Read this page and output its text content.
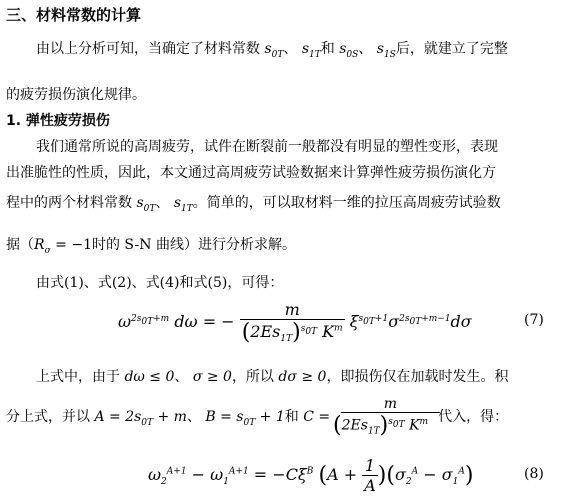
三、材料常数的计算
由以上分析可知，当确定了材料常数 $s_{0T}$、 $s_{1T}$和 $s_{0S}$、 $s_{1S}$后，就建立了完整
的疲劳损伤演化规律。
1. 弹性疲劳损伤
我们通常所说的高周疲劳，试件在断裂前一般都没有明显的塑性变形，表现
出准脆性的性质，因此，本文通过高周疲劳试验数据来计算弹性疲劳损伤演化方
程中的两个材料常数 $s_{0T}$、 $s_{1T}$。简单的，可以取材料一维的拉压高周疲劳试验数
据（$R_\sigma = -1$时的 S-N 曲线）进行分析求解。
由式(1)、式(2)、式(4)和式(5)，可得：
$\omega^{2s_{0T}+m}$ dω = − $\frac{m}{(2Es_{1T})^{s_{0T}} K^m} \xi^{s_{0T}+1}\sigma^{2s_{0T}+m-1}d\sigma$	(7)
上式中，由于 dω ≤ 0、 σ ≥ 0，所以 dσ ≥ 0，即损伤仅在加载时发生。积
分上式，并以 $A = 2s_{0T} + m$、 $B = s_{0T} + 1$和 C =
$\frac{m}{(2Es_{1T})^{s_{0T}} K^m}$
代入，得：
$\omega_2^{A+1} - \omega_1^{A+1} = -C\xi^B$ $(A + \frac{1}{A} )(\sigma_2^A - \sigma_1^A)$	(8)
